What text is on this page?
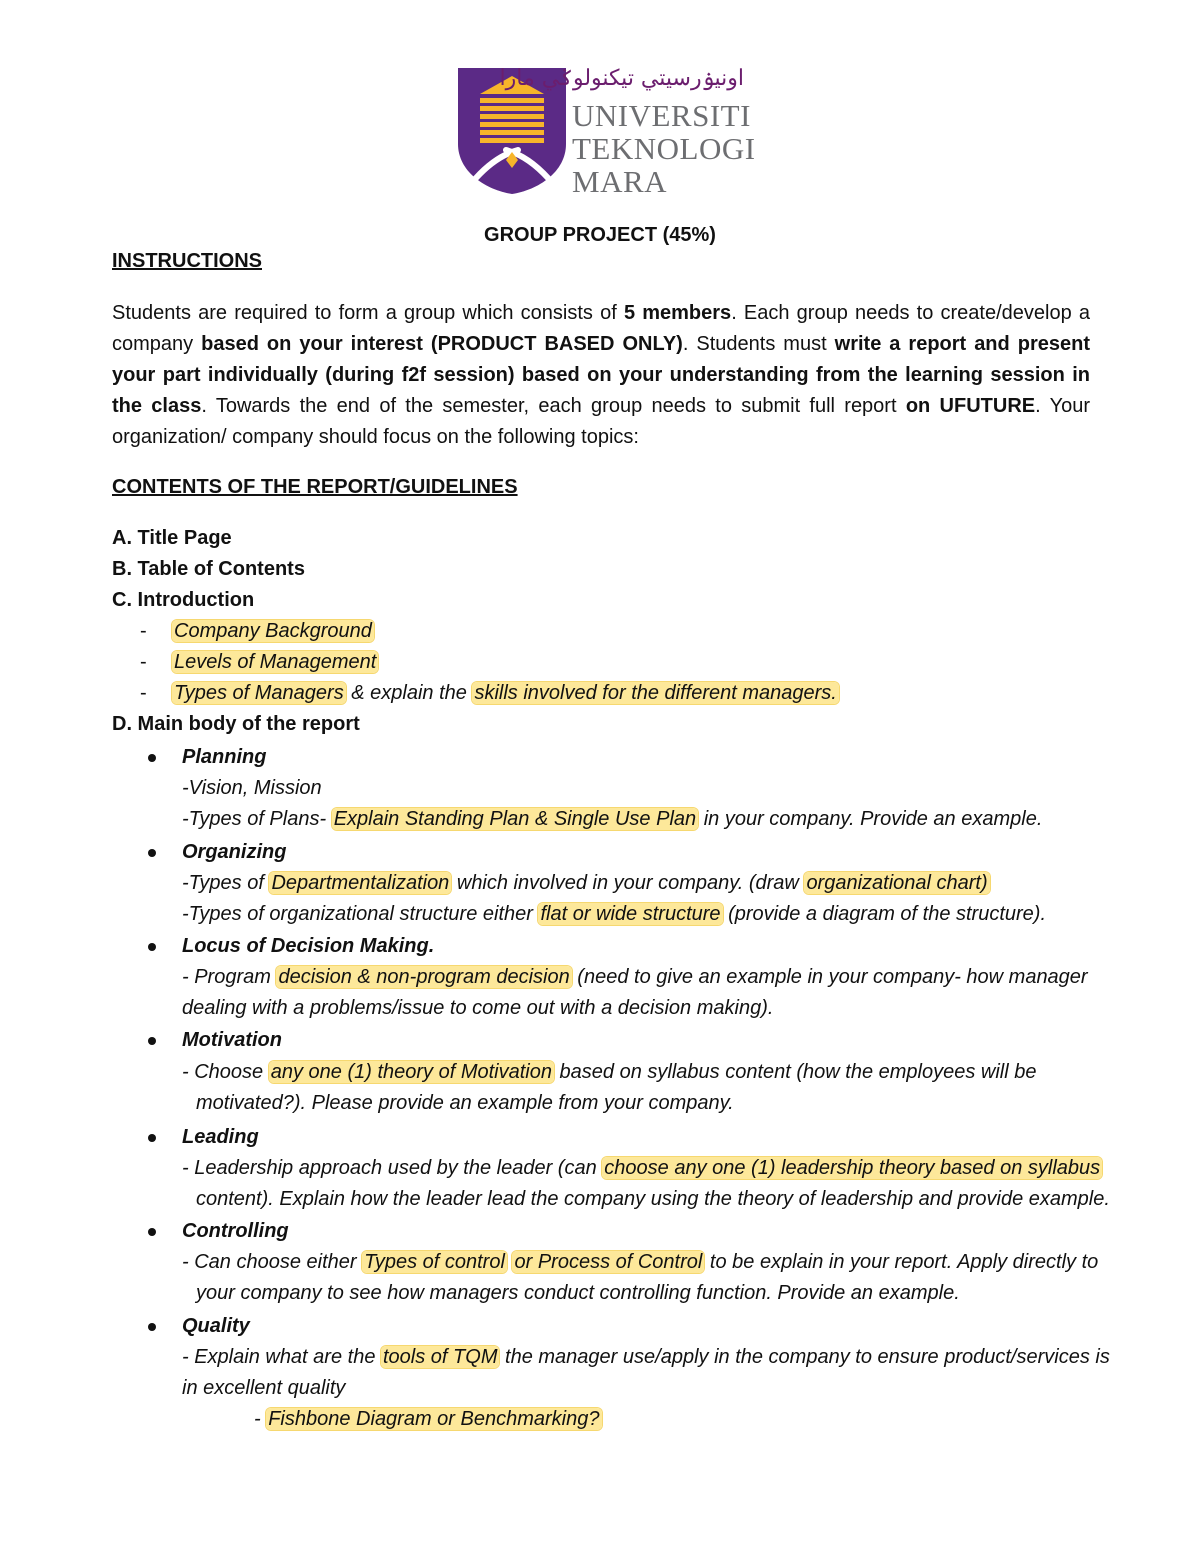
اونيۏرسيتي تيكنولوݢي مارا
UNIVERSITI
TEKNOLOGI
MARA
GROUP PROJECT (45%)
INSTRUCTIONS

Students are required to form a group which consists of 5 members. Each group needs to create/develop a company based on your interest (PRODUCT BASED ONLY). Students must write a report and present your part individually (during f2f session) based on your understanding from the learning session in the class. Towards the end of the semester, each group needs to submit full report on UFUTURE. Your organization/ company should focus on the following topics:

CONTENTS OF THE REPORT/GUIDELINES
A. Title Page
B. Table of Contents
C. Introduction
- Company Background
- Levels of Management
- Types of Managers & explain the skills involved for the different managers.
D. Main body of the report
Planning
-Vision, Mission
-Types of Plans- Explain Standing Plan & Single Use Plan in your company. Provide an example.
Organizing
-Types of Departmentalization which involved in your company. (draw organizational chart)
-Types of organizational structure either flat or wide structure (provide a diagram of the structure).
Locus of Decision Making.
- Program decision & non-program decision (need to give an example in your company- how manager
dealing with a problems/issue to come out with a decision making).
Motivation
- Choose any one (1) theory of Motivation based on syllabus content (how the employees will be
motivated?). Please provide an example from your company.
Leading
- Leadership approach used by the leader (can choose any one (1) leadership theory based on syllabus
content). Explain how the leader lead the company using the theory of leadership and provide example.
Controlling
- Can choose either Types of control or Process of Control to be explain in your report. Apply directly to
your company to see how managers conduct controlling function. Provide an example.
Quality
- Explain what are the tools of TQM the manager use/apply in the company to ensure product/services is
in excellent quality
- Fishbone Diagram or Benchmarking?
